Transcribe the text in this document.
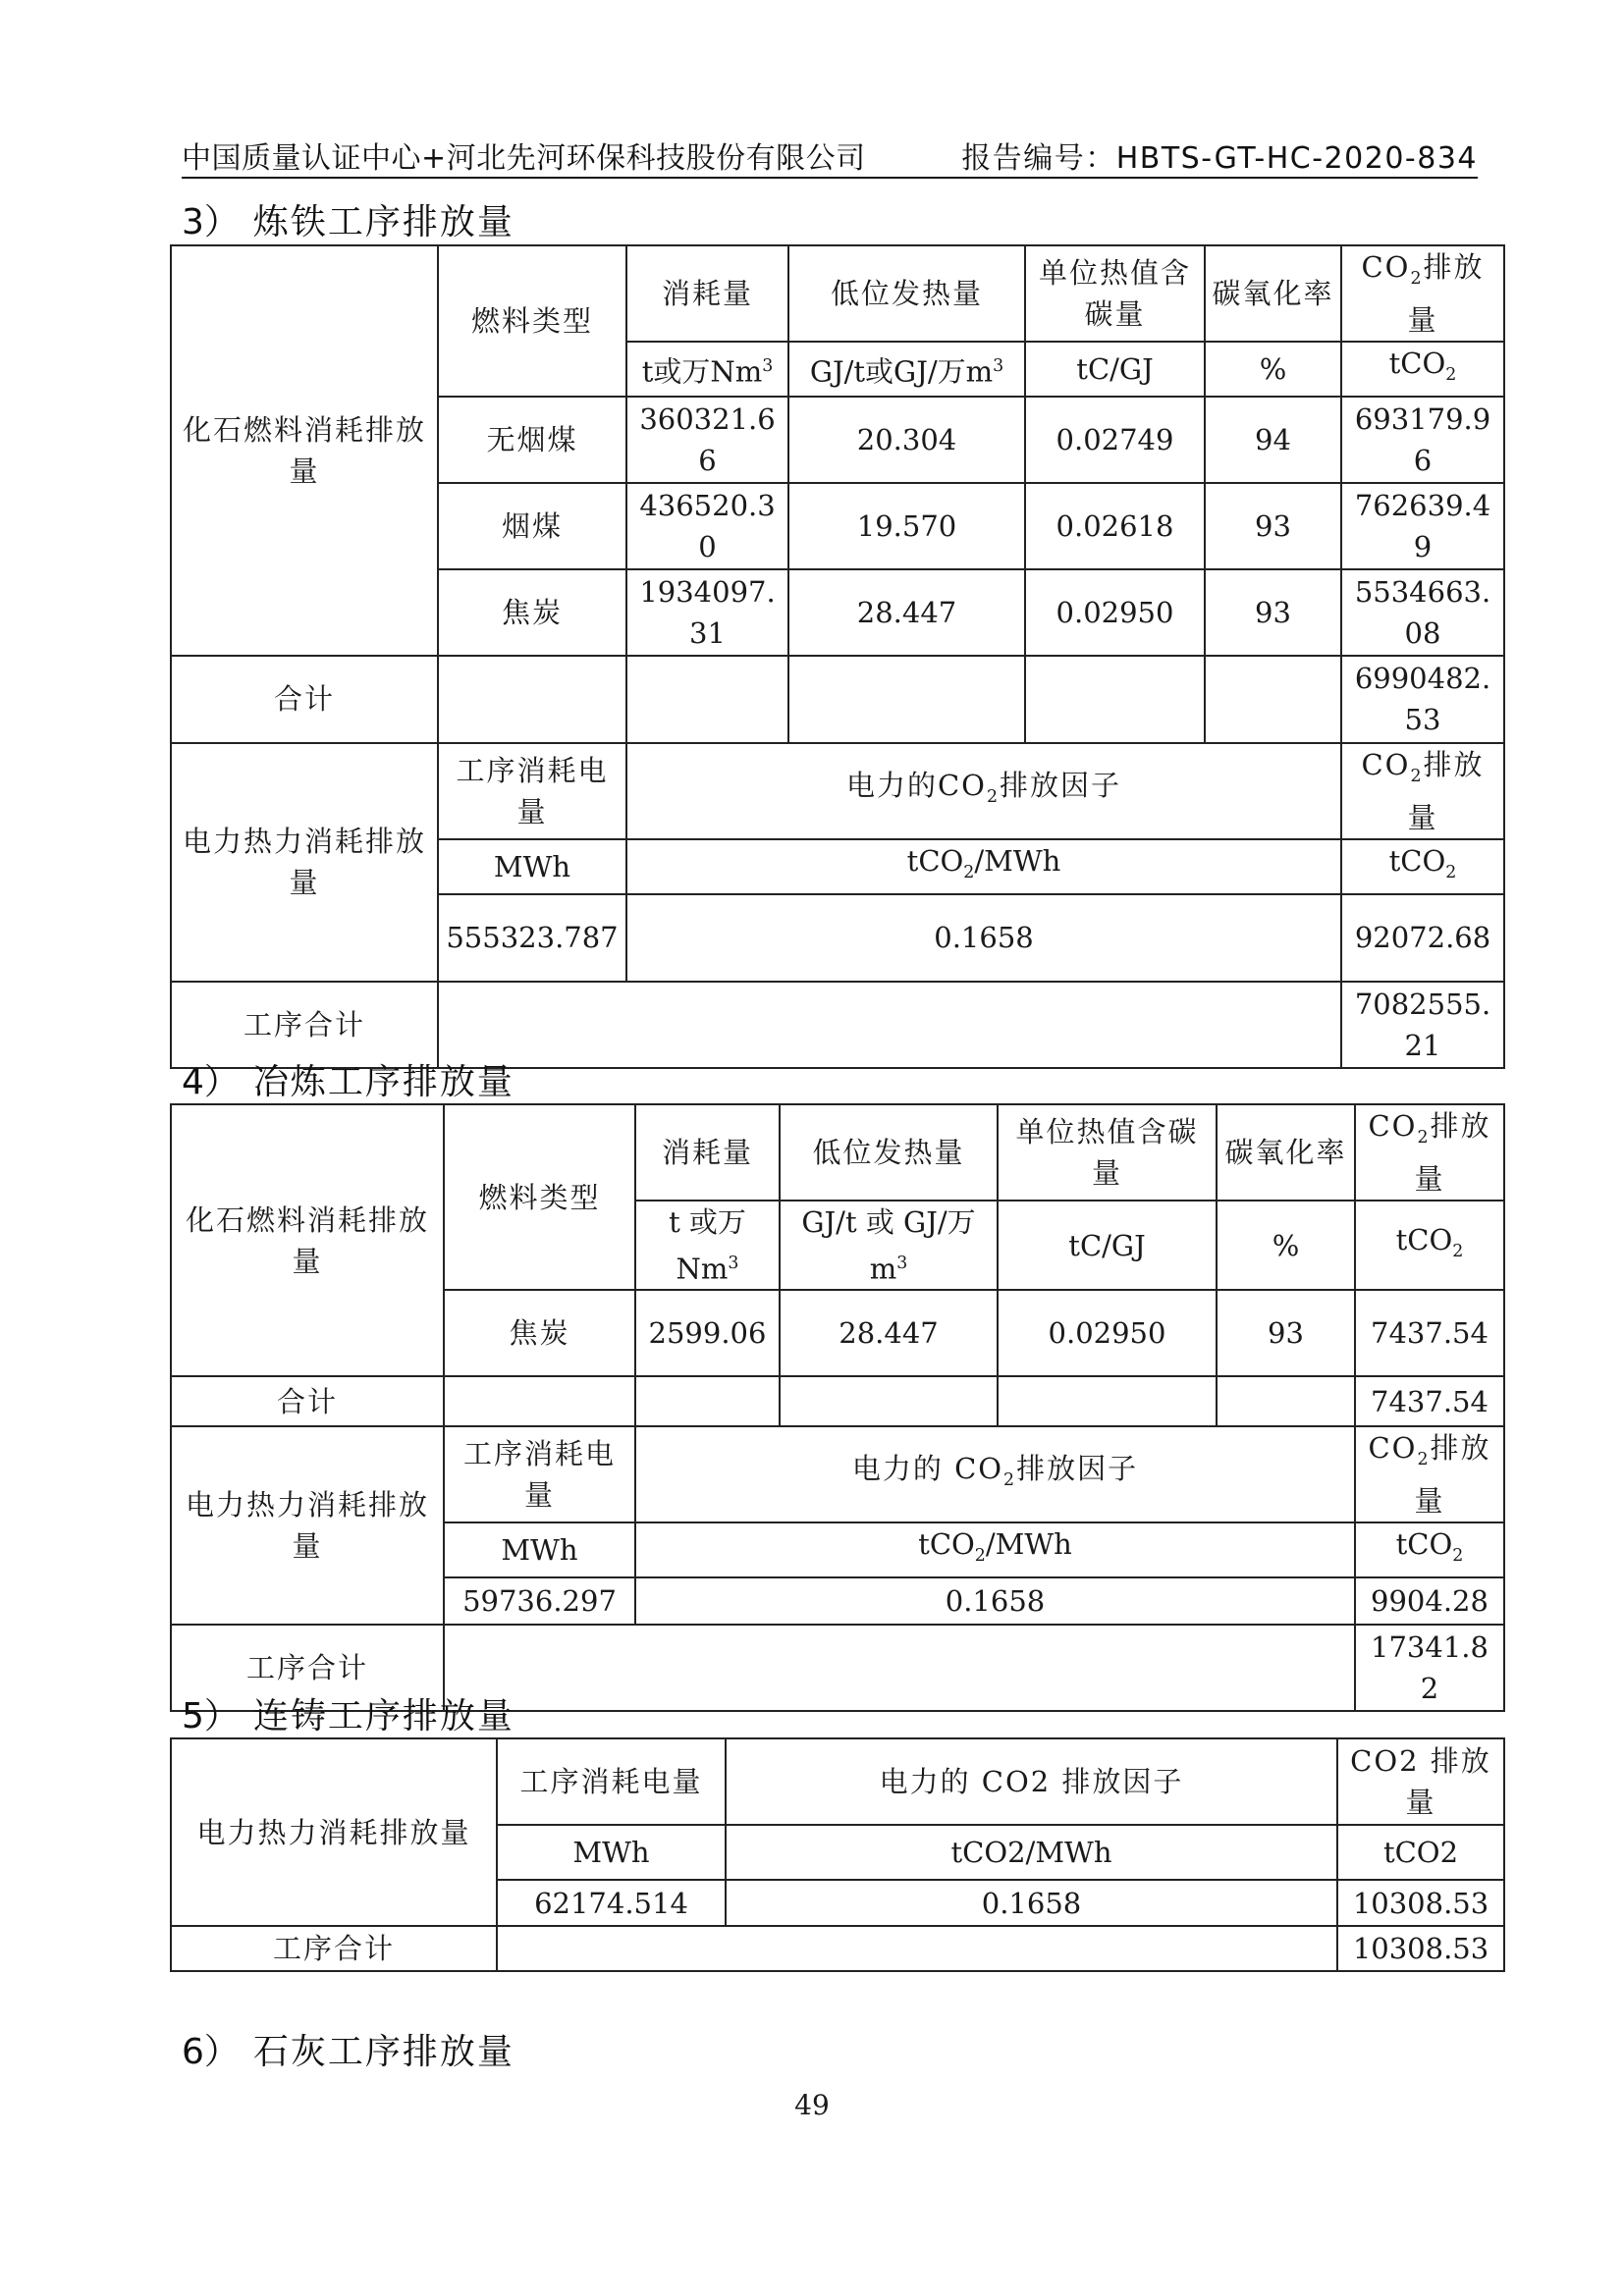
中国质量认证中心+河北先河环保科技股份有限公司	报告编号：HBTS-GT-HC-2020-834
3） 炼铁工序排放量
化石燃料消耗排放量	燃料类型	消耗量	低位发热量	单位热值含碳量	碳氧化率	$CO_2$排放量
		t或万Nm$^3$	GJ/t或GJ/万$m^3$	tC/GJ	%	tCO$_2$
	无烟煤	360321.66	20.304	0.02749	94	693179.96
	烟煤	436520.30	19.570	0.02618	93	762639.49
	焦炭	1934097.31	28.447	0.02950	93	5534663.08
合计						6990482.53
电力热力消耗排放量	工序消耗电量	电力的$CO_2$排放因子				$CO_2$排放量
	MWh	tCO$_2$/MWh				tCO$_2$
	555323.787	0.1658				92072.68
工序合计						7082555.21
4） 冶炼工序排放量
化石燃料消耗排放量	燃料类型	消耗量	低位发热量	单位热值含碳量	碳氧化率	$CO_2$排放量
		t 或万Nm$^3$	GJ/t 或 GJ/万 $m^3$	tC/GJ	%	tCO$_2$
	焦炭	2599.06	28.447	0.02950	93	7437.54
合计						7437.54
电力热力消耗排放量	工序消耗电量	电力的 $CO_2$排放因子				$CO_2$排放量
	MWh	tCO$_2$/MWh				tCO$_2$
	59736.297	0.1658				9904.28
工序合计						17341.82
5） 连铸工序排放量
电力热力消耗排放量	工序消耗电量	电力的 CO2 排放因子	CO2 排放量
	MWh	tCO2/MWh	tCO2
	62174.514	0.1658	10308.53
工序合计			10308.53
6） 石灰工序排放量
49
